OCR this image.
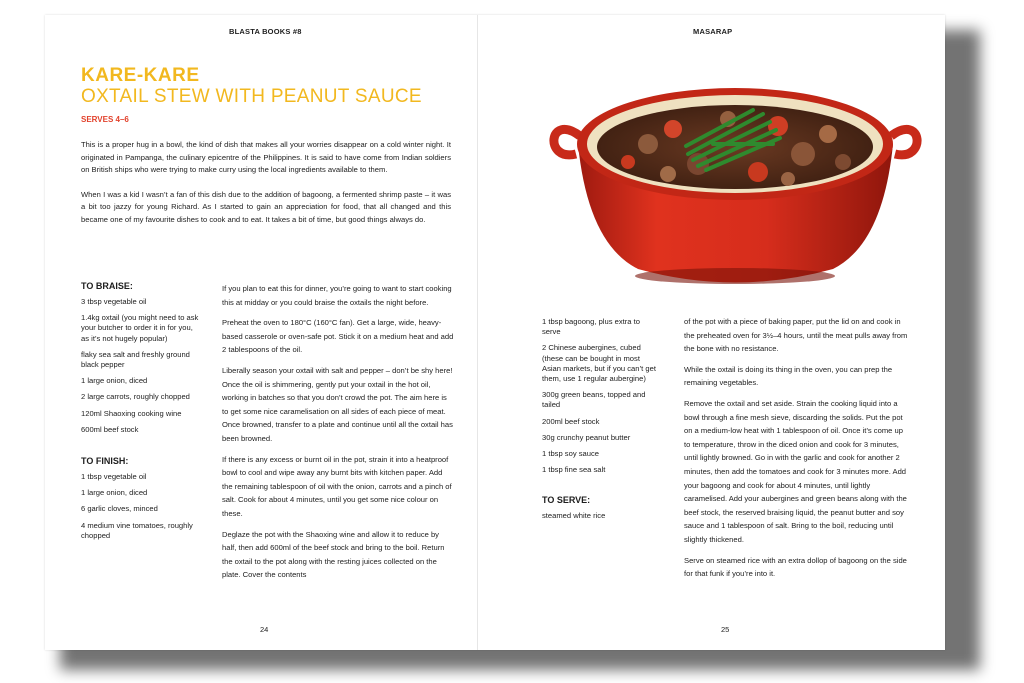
BLASTA BOOKS #8	MASARAP
KARE-KARE
OXTAIL STEW WITH PEANUT SAUCE
SERVES 4–6

This is a proper hug in a bowl, the kind of dish that makes all your worries disappear on a cold winter night. It originated in Pampanga, the culinary epicentre of the Philippines. It is said to have come from Indian soldiers on British ships who were trying to make curry using the local ingredients available to them.

When I was a kid I wasn’t a fan of this dish due to the addition of bagoong, a fermented shrimp paste – it was a bit too jazzy for young Richard. As I started to gain an appreciation for food, that all changed and this became one of my favourite dishes to cook and to eat. It takes a bit of time, but good things always do.

TO BRAISE:
3 tbsp vegetable oil
1.4kg oxtail (you might need to ask your butcher to order it in for you, as it’s not hugely popular)
flaky sea salt and freshly ground black pepper
1 large onion, diced
2 large carrots, roughly chopped
120ml Shaoxing cooking wine
600ml beef stock
TO FINISH:
1 tbsp vegetable oil
1 large onion, diced
6 garlic cloves, minced
4 medium vine tomatoes, roughly chopped

If you plan to eat this for dinner, you’re going to want to start cooking this at midday or you could braise the oxtails the night before.

Preheat the oven to 180°C (160°C fan). Get a large, wide, heavy-based casserole or oven-safe pot. Stick it on a medium heat and add 2 tablespoons of the oil.

Liberally season your oxtail with salt and pepper – don’t be shy here! Once the oil is shimmering, gently put your oxtail in the hot oil, working in batches so that you don’t crowd the pot. The aim here is to get some nice caramelisation on all sides of each piece of meat. Once browned, transfer to a plate and continue until all the oxtail has been browned.

If there is any excess or burnt oil in the pot, strain it into a heatproof bowl to cool and wipe away any burnt bits with kitchen paper. Add the remaining tablespoon of oil with the onion, carrots and a pinch of salt. Cook for about 4 minutes, until you get some nice colour on these.

Deglaze the pot with the Shaoxing wine and allow it to reduce by half, then add 600ml of the beef stock and bring to the boil. Return the oxtail to the pot along with the resting juices collected on the plate. Cover the contents

1 tbsp bagoong, plus extra to serve
2 Chinese aubergines, cubed (these can be bought in most Asian markets, but if you can’t get them, use 1 regular aubergine)
300g green beans, topped and tailed
200ml beef stock
30g crunchy peanut butter
1 tbsp soy sauce
1 tbsp fine sea salt
TO SERVE:
steamed white rice

of the pot with a piece of baking paper, put the lid on and cook in the preheated oven for 3½–4 hours, until the meat pulls away from the bone with no resistance.

While the oxtail is doing its thing in the oven, you can prep the remaining vegetables.

Remove the oxtail and set aside. Strain the cooking liquid into a bowl through a fine mesh sieve, discarding the solids. Put the pot on a medium-low heat with 1 tablespoon of oil. Once it’s come up to temperature, throw in the diced onion and cook for 3 minutes, until lightly browned. Go in with the garlic and cook for another 2 minutes, then add the tomatoes and cook for 3 minutes more. Add your bagoong and cook for about 4 minutes, until lightly caramelised. Add your aubergines and green beans along with the beef stock, the reserved braising liquid, the peanut butter and soy sauce and 1 tablespoon of salt. Bring to the boil, reducing until slightly thickened.

Serve on steamed rice with an extra dollop of bagoong on the side for that funk if you’re into it.

24	25
